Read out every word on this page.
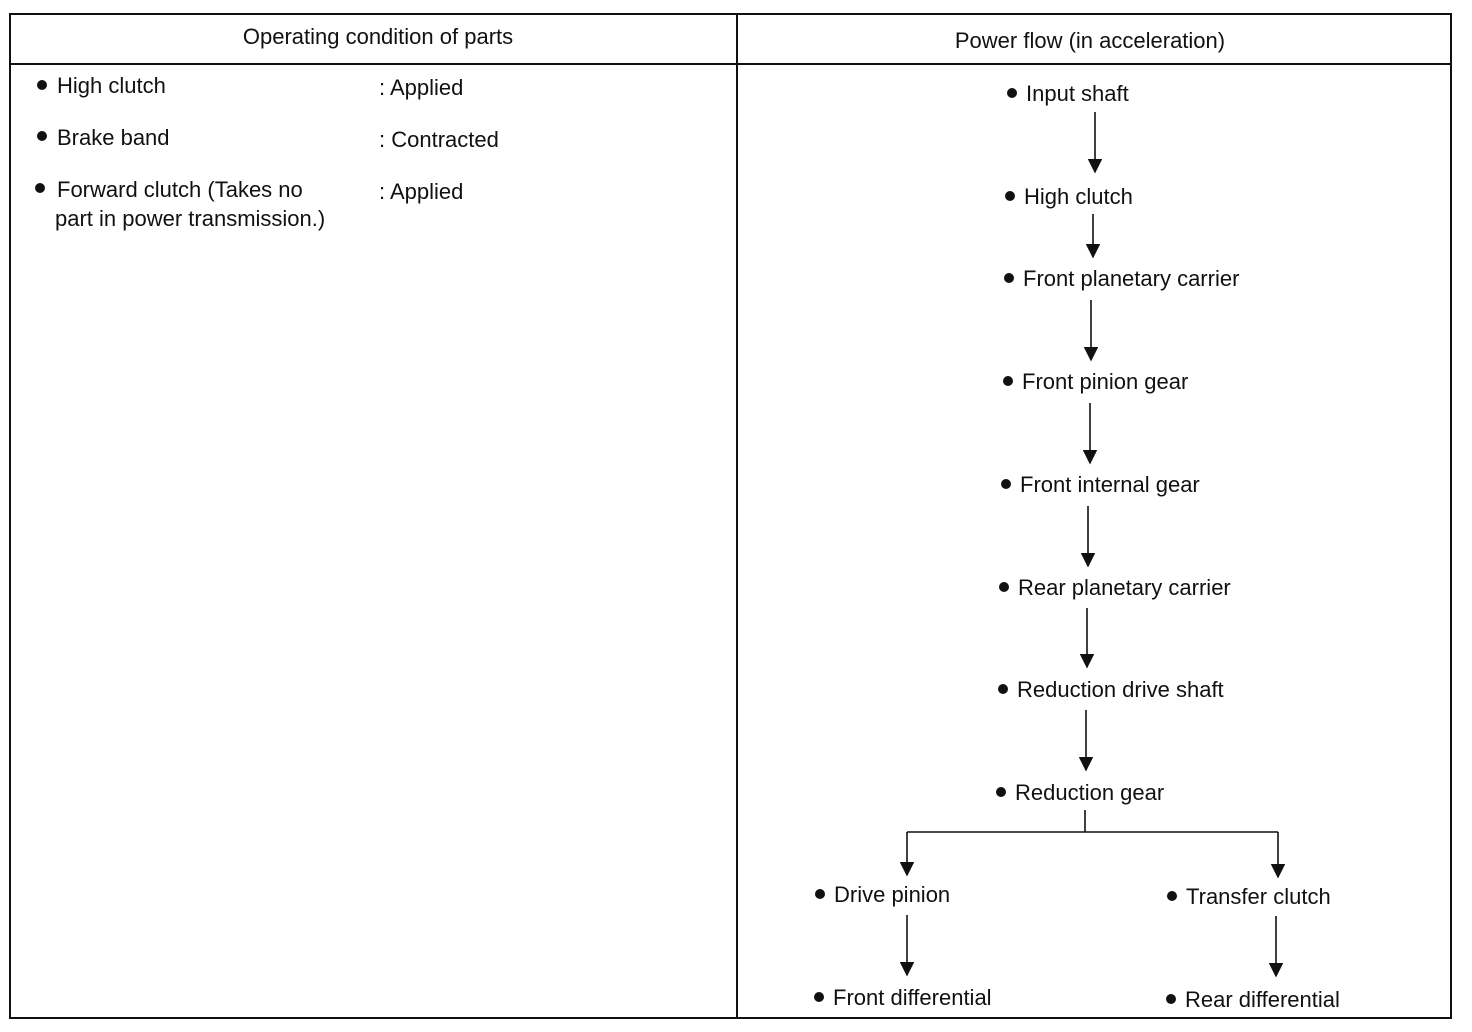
Operating condition of parts	Power flow (in acceleration)
High clutch	: Applied
Brake band	: Contracted
Forward clutch (Takes no
part in power transmission.)
: Applied
Input shaft
High clutch
Front planetary carrier
Front pinion gear
Front internal gear
Rear planetary carrier
Reduction drive shaft
Reduction gear
Drive pinion
Front differential
Transfer clutch
Rear differential
